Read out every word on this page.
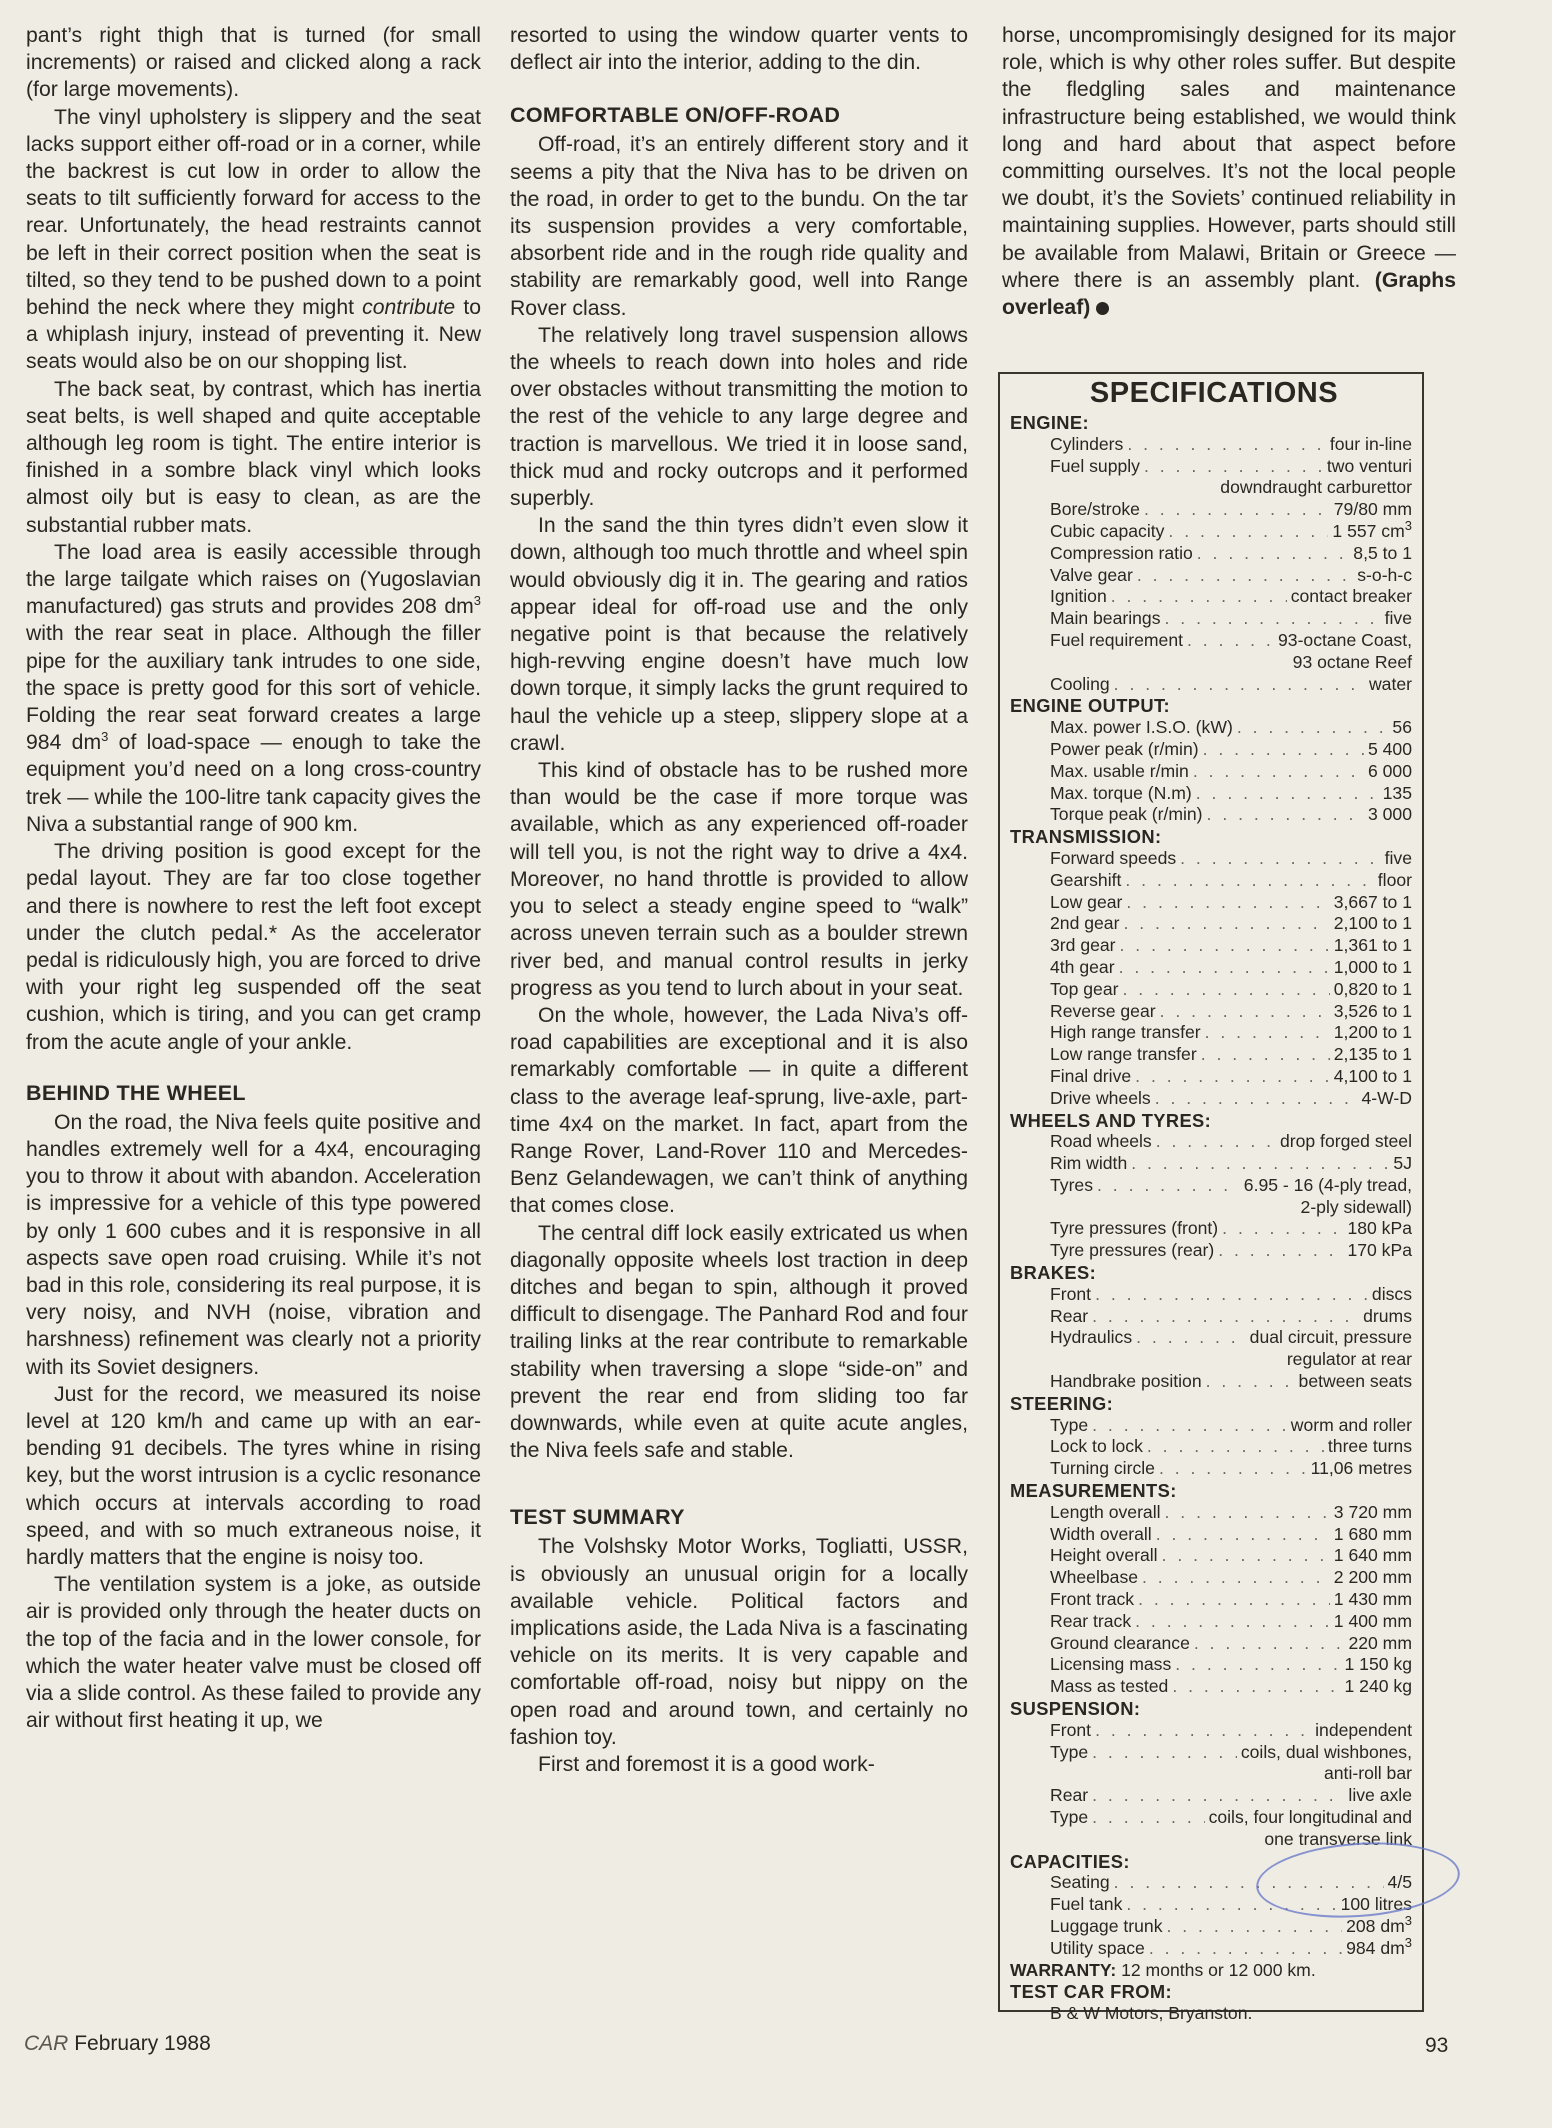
pant’s right thigh that is turned (for small increments) or raised and clicked along a rack (for large movements).

The vinyl upholstery is slippery and the seat lacks support either off-road or in a corner, while the backrest is cut low in order to allow the seats to tilt sufficiently forward for access to the rear. Unfortunately, the head restraints cannot be left in their correct position when the seat is tilted, so they tend to be pushed down to a point behind the neck where they might contribute to a whiplash injury, instead of preventing it. New seats would also be on our shopping list.

The back seat, by contrast, which has inertia seat belts, is well shaped and quite acceptable although leg room is tight. The entire interior is finished in a sombre black vinyl which looks almost oily but is easy to clean, as are the substantial rubber mats.

The load area is easily accessible through the large tailgate which raises on (Yugoslavian manufactured) gas struts and provides 208 $dm^3$ with the rear seat in place. Although the filler pipe for the auxiliary tank intrudes to one side, the space is pretty good for this sort of vehicle. Folding the rear seat forward creates a large 984 $dm^3$ of load-space — enough to take the equipment you’d need on a long cross-country trek — while the 100-litre tank capacity gives the Niva a substantial range of 900 km.

The driving position is good except for the pedal layout. They are far too close together and there is nowhere to rest the left foot except under the clutch pedal.* As the accelerator pedal is ridiculously high, you are forced to drive with your right leg suspended off the seat cushion, which is tiring, and you can get cramp from the acute angle of your ankle.

BEHIND THE WHEEL

On the road, the Niva feels quite positive and handles extremely well for a 4x4, encouraging you to throw it about with abandon. Acceleration is impressive for a vehicle of this type powered by only 1 600 cubes and it is responsive in all aspects save open road cruising. While it’s not bad in this role, considering its real purpose, it is very noisy, and NVH (noise, vibration and harshness) refinement was clearly not a priority with its Soviet designers.

Just for the record, we measured its noise level at 120 km/h and came up with an ear-bending 91 decibels. The tyres whine in rising key, but the worst intrusion is a cyclic resonance which occurs at intervals according to road speed, and with so much extraneous noise, it hardly matters that the engine is noisy too.

The ventilation system is a joke, as outside air is provided only through the heater ducts on the top of the facia and in the lower console, for which the water heater valve must be closed off via a slide control. As these failed to provide any air without first heating it up, we

resorted to using the window quarter vents to deflect air into the interior, adding to the din.

COMFORTABLE ON/OFF-ROAD

Off-road, it’s an entirely different story and it seems a pity that the Niva has to be driven on the road, in order to get to the bundu. On the tar its suspension provides a very comfortable, absorbent ride and in the rough ride quality and stability are remarkably good, well into Range Rover class.

The relatively long travel suspension allows the wheels to reach down into holes and ride over obstacles without transmitting the motion to the rest of the vehicle to any large degree and traction is marvellous. We tried it in loose sand, thick mud and rocky outcrops and it performed superbly.

In the sand the thin tyres didn’t even slow it down, although too much throttle and wheel spin would obviously dig it in. The gearing and ratios appear ideal for off-road use and the only negative point is that because the relatively high-revving engine doesn’t have much low down torque, it simply lacks the grunt required to haul the vehicle up a steep, slippery slope at a crawl.

This kind of obstacle has to be rushed more than would be the case if more torque was available, which as any experienced off-roader will tell you, is not the right way to drive a 4x4. Moreover, no hand throttle is provided to allow you to select a steady engine speed to “walk” across uneven terrain such as a boulder strewn river bed, and manual control results in jerky progress as you tend to lurch about in your seat.

On the whole, however, the Lada Niva’s off-road capabilities are exceptional and it is also remarkably comfortable — in quite a different class to the average leaf-sprung, live-axle, part-time 4x4 on the market. In fact, apart from the Range Rover, Land-Rover 110 and Mercedes-Benz Gelandewagen, we can’t think of anything that comes close.

The central diff lock easily extricated us when diagonally opposite wheels lost traction in deep ditches and began to spin, although it proved difficult to disengage. The Panhard Rod and four trailing links at the rear contribute to remarkable stability when traversing a slope “side-on” and prevent the rear end from sliding too far downwards, while even at quite acute angles, the Niva feels safe and stable.

TEST SUMMARY

The Volshsky Motor Works, Togliatti, USSR, is obviously an unusual origin for a locally available vehicle. Political factors and implications aside, the Lada Niva is a fascinating vehicle on its merits. It is very capable and comfortable off-road, noisy but nippy on the open road and around town, and certainly no fashion toy.

First and foremost it is a good work-

horse, uncompromisingly designed for its major role, which is why other roles suffer. But despite the fledgling sales and maintenance infrastructure being established, we would think long and hard about that aspect before committing ourselves. It’s not the local people we doubt, it’s the Soviets’ continued reliability in maintaining supplies. However, parts should still be available from Malawi, Britain or Greece — where there is an assembly plant. (Graphs overleaf)

SPECIFICATIONS
ENGINE:
Cylinders . . .	four in-line
Fuel supply . . .	two venturi
downdraught carburettor
Bore/stroke . . .	79/80 mm
Cubic capacity . . .	1 557 $cm^3$
Compression ratio . . .	8,5 to 1
Valve gear . . .	s-o-h-c
Ignition . . .	contact breaker
Main bearings . . .	five
Fuel requirement . . .	93-octane Coast,
93 octane Reef
Cooling . . .	water
ENGINE OUTPUT:
Max. power I.S.O. (kW) . . .	56
Power peak (r/min) . . .	5 400
Max. usable r/min . . .	6 000
Max. torque (N.m) . . .	135
Torque peak (r/min) . . .	3 000
TRANSMISSION:
Forward speeds . . .	five
Gearshift . . .	floor
Low gear . . .	3,667 to 1
2nd gear . . .	2,100 to 1
3rd gear . . .	1,361 to 1
4th gear . . .	1,000 to 1
Top gear . . .	0,820 to 1
Reverse gear . . .	3,526 to 1
High range transfer . . .	1,200 to 1
Low range transfer . . .	2,135 to 1
Final drive . . .	4,100 to 1
Drive wheels . . .	4-W-D
WHEELS AND TYRES:
Road wheels . . .	drop forged steel
Rim width . . .	5J
Tyres . . .	6.95 - 16 (4-ply tread,
2-ply sidewall)
Tyre pressures (front) . . .	180 kPa
Tyre pressures (rear) . . .	170 kPa
BRAKES:
Front . . .	discs
Rear . . .	drums
Hydraulics . . .	dual circuit, pressure
regulator at rear
Handbrake position . . .	between seats
STEERING:
Type . . .	worm and roller
Lock to lock . . .	three turns
Turning circle . . .	11,06 metres
MEASUREMENTS:
Length overall . . .	3 720 mm
Width overall . . .	1 680 mm
Height overall . . .	1 640 mm
Wheelbase . . .	2 200 mm
Front track . . .	1 430 mm
Rear track . . .	1 400 mm
Ground clearance . . .	220 mm
Licensing mass . . .	1 150 kg
Mass as tested . . .	1 240 kg
SUSPENSION:
Front . . .	independent
Type . . .	coils, dual wishbones,
anti-roll bar
Rear . . .	live axle
Type . . .	coils, four longitudinal and
one transverse link
CAPACITIES:
Seating . . .	4/5
Fuel tank . . .	100 litres
Luggage trunk . . .	208 $dm^3$
Utility space . . .	984 $dm^3$
WARRANTY: 12 months or 12 000 km.
TEST CAR FROM:
B & W Motors, Bryanston.
CAR February 1988	93
